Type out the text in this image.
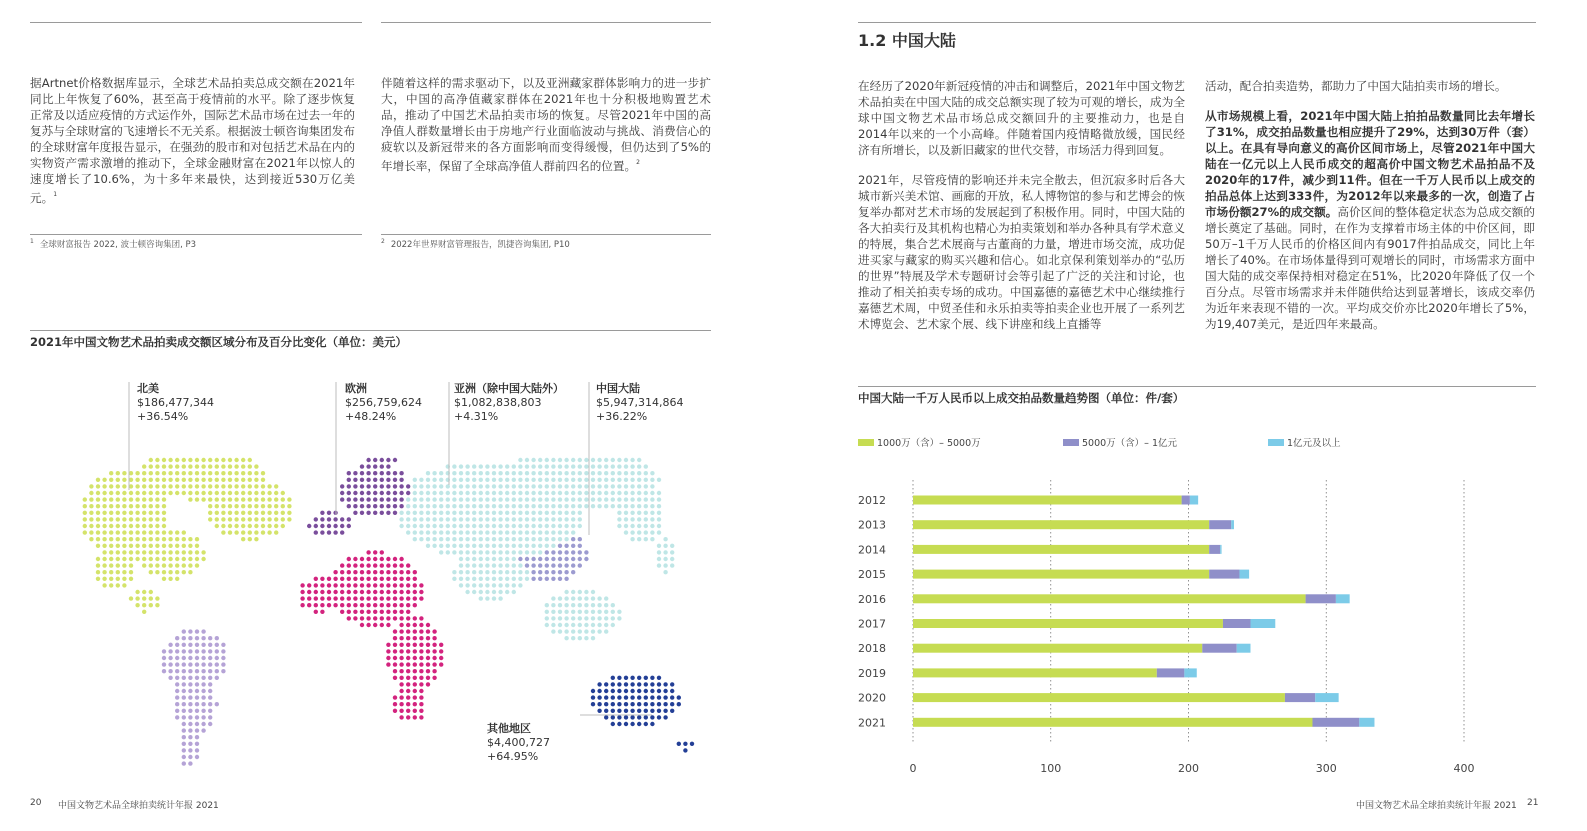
据Artnet价格数据库显示，全球艺术品拍卖总成交额在2021年同比上年恢复了60%，甚至高于疫情前的水平。除了逐步恢复正常及以适应疫情的方式运作外，国际艺术品市场在过去一年的复苏与全球财富的飞速增长不无关系。根据波士顿咨询集团发布的全球财富年度报告显示，在强劲的股市和对包括艺术品在内的实物资产需求激增的推动下，全球金融财富在2021年以惊人的速度增长了10.6%，为十多年来最快，达到接近530万亿美元。$^1$

伴随着这样的需求驱动下，以及亚洲藏家群体影响力的进一步扩大，中国的高净值藏家群体在2021年也十分积极地购置艺术品，推动了中国艺术品拍卖市场的恢复。尽管2021年中国的高净值人群数量增长由于房地产行业面临波动与挑战、消费信心的疲软以及新冠带来的各方面影响而变得缓慢，但仍达到了5%的年增长率，保留了全球高净值人群前四名的位置。$^2$

$^1$ 全球财富报告 2022, 波士顿咨询集团, P3	$^2$ 2022年世界财富管理报告，凯捷咨询集团, P10
2021年中国文物艺术品拍卖成交额区域分布及百分比变化（单位：美元）
北美
$186,477,344
+36.54%
欧洲
$256,759,624
+48.24%
亚洲（除中国大陆外）
$1,082,838,803
+4.31%
中国大陆
$5,947,314,864
+36.22%
其他地区
$4,400,727
+64.95%
20 中国文物艺术品全球拍卖统计年报 2021
1.2 中国大陆

在经历了2020年新冠疫情的冲击和调整后，2021年中国文物艺术品拍卖在中国大陆的成交总额实现了较为可观的增长，成为全球中国文物艺术品市场总成交额回升的主要推动力，也是自2014年以来的一个小高峰。伴随着国内疫情略微放缓，国民经济有所增长，以及新旧藏家的世代交替，市场活力得到回复。

2021年，尽管疫情的影响还并未完全散去，但沉寂多时后各大城市新兴美术馆、画廊的开放，私人博物馆的参与和艺博会的恢复举办都对艺术市场的发展起到了积极作用。同时，中国大陆的各大拍卖行及其机构也精心为拍卖策划和举办各种具有学术意义的特展，集合艺术展商与古董商的力量，增进市场交流，成功促进买家与藏家的购买兴趣和信心。如北京保利策划举办的“弘历的世界”特展及学术专题研讨会等引起了广泛的关注和讨论，也推动了相关拍卖专场的成功。中国嘉德的嘉德艺术中心继续推行嘉德艺术周，中贸圣佳和永乐拍卖等拍卖企业也开展了一系列艺术博览会、艺术家个展、线下讲座和线上直播等

活动，配合拍卖造势，都助力了中国大陆拍卖市场的增长。

从市场规模上看，2021年中国大陆上拍拍品数量同比去年增长了31%，成交拍品数量也相应提升了29%，达到30万件（套）以上。在具有导向意义的高价区间市场上，尽管2021年中国大陆在一亿元以上人民币成交的超高价中国文物艺术品拍品不及2020年的17件，减少到11件。但在一千万人民币以上成交的拍品总体上达到333件，为2012年以来最多的一次，创造了占市场份额27%的成交额。高价区间的整体稳定状态为总成交额的增长奠定了基础。同时，在作为支撑着市场主体的中价区间，即50万–1千万人民币的价格区间内有9017件拍品成交，同比上年增长了40%。在市场体量得到可观增长的同时，市场需求方面中国大陆的成交率保持相对稳定在51%，比2020年降低了仅一个百分点。尽管市场需求并未伴随供给达到显著增长，该成交率仍为近年来表现不错的一次。平均成交价亦比2020年增长了5%，为19,407美元，是近四年来最高。

中国大陆一千万人民币以上成交拍品数量趋势图（单位：件/套）
1000万（含）– 5000万	5000万（含）– 1亿元	1亿元及以上
2012
2013
2014
2015
2016
2017
2018
2019
2020
2021
0	100	200	300	400
中国文物艺术品全球拍卖统计年报 2021 21
